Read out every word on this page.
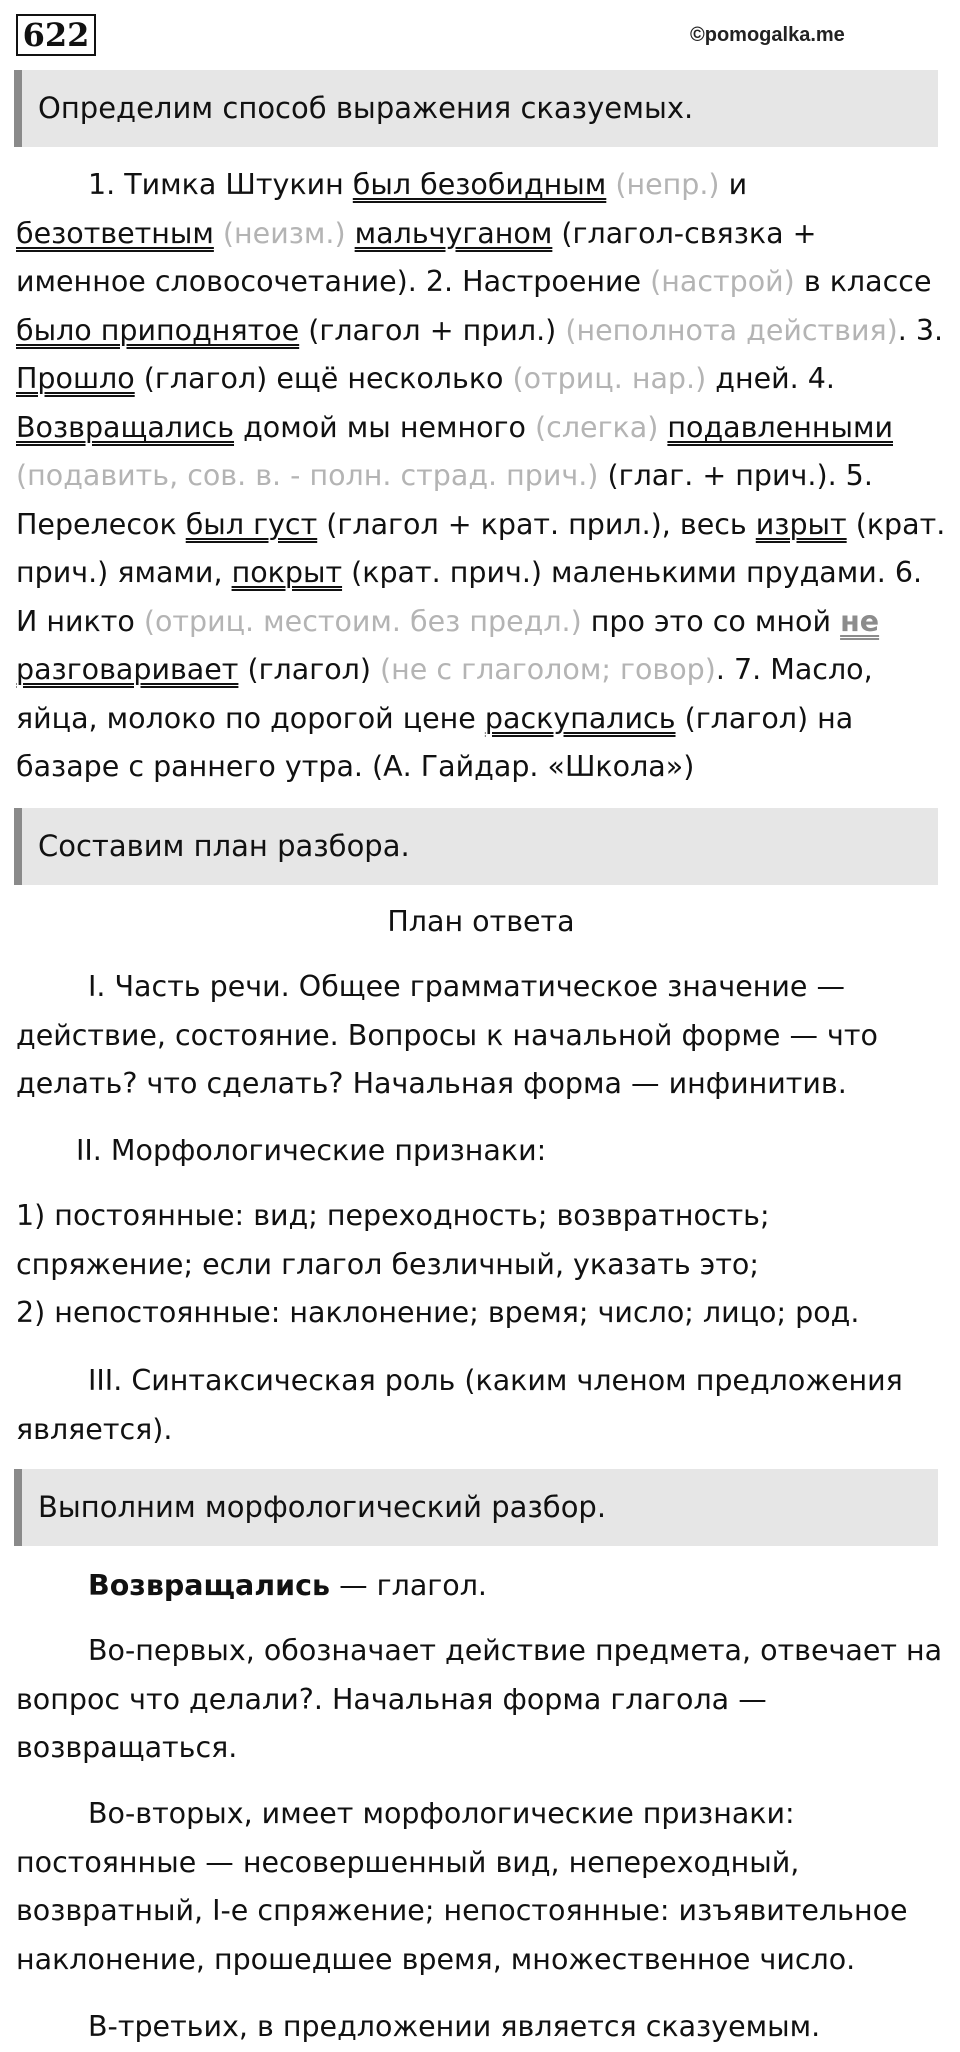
622	©pomogalka.me
Определим способ выражения сказуемых.
1. Тимка Штукин был безобидным (непр.) и
безответным (неизм.) мальчуганом (глагол-связка +
именное словосочетание). 2. Настроение (настрой) в классе
было приподнятое (глагол + прил.) (неполнота действия). 3.
Прошло (глагол) ещё несколько (отриц. нар.) дней. 4.
Возвращались домой мы немного (слегка) подавленными
(подавить, сов. в. - полн. страд. прич.) (глаг. + прич.). 5.
Перелесок был густ (глагол + крат. прил.), весь изрыт (крат.
прич.) ямами, покрыт (крат. прич.) маленькими прудами. 6.
И никто (отриц. местоим. без предл.) про это со мной не
разговаривает (глагол) (не с глаголом; говор). 7. Масло,
яйца, молоко по дорогой цене раскупались (глагол) на
базаре с раннего утра. (А. Гайдар. «Школа»)
Составим план разбора.
План ответа
I. Часть речи. Общее грамматическое значение — действие, состояние. Вопросы к начальной форме — что делать? что сделать? Начальная форма — инфинитив.
II. Морфологические признаки:
1) постоянные: вид; переходность; возвратность; спряжение; если глагол безличный, указать это;
2) непостоянные: наклонение; время; число; лицо; род.
III. Синтаксическая роль (каким членом предложения является).
Выполним морфологический разбор.
Возвращались — глагол.
Во-первых, обозначает действие предмета, отвечает на вопрос что делали?. Начальная форма глагола — возвращаться.
Во-вторых, имеет морфологические признаки: постоянные — несовершенный вид, непереходный, возвратный, I-е спряжение; непостоянные: изъявительное наклонение, прошедшее время, множественное число.
В-третьих, в предложении является сказуемым.
